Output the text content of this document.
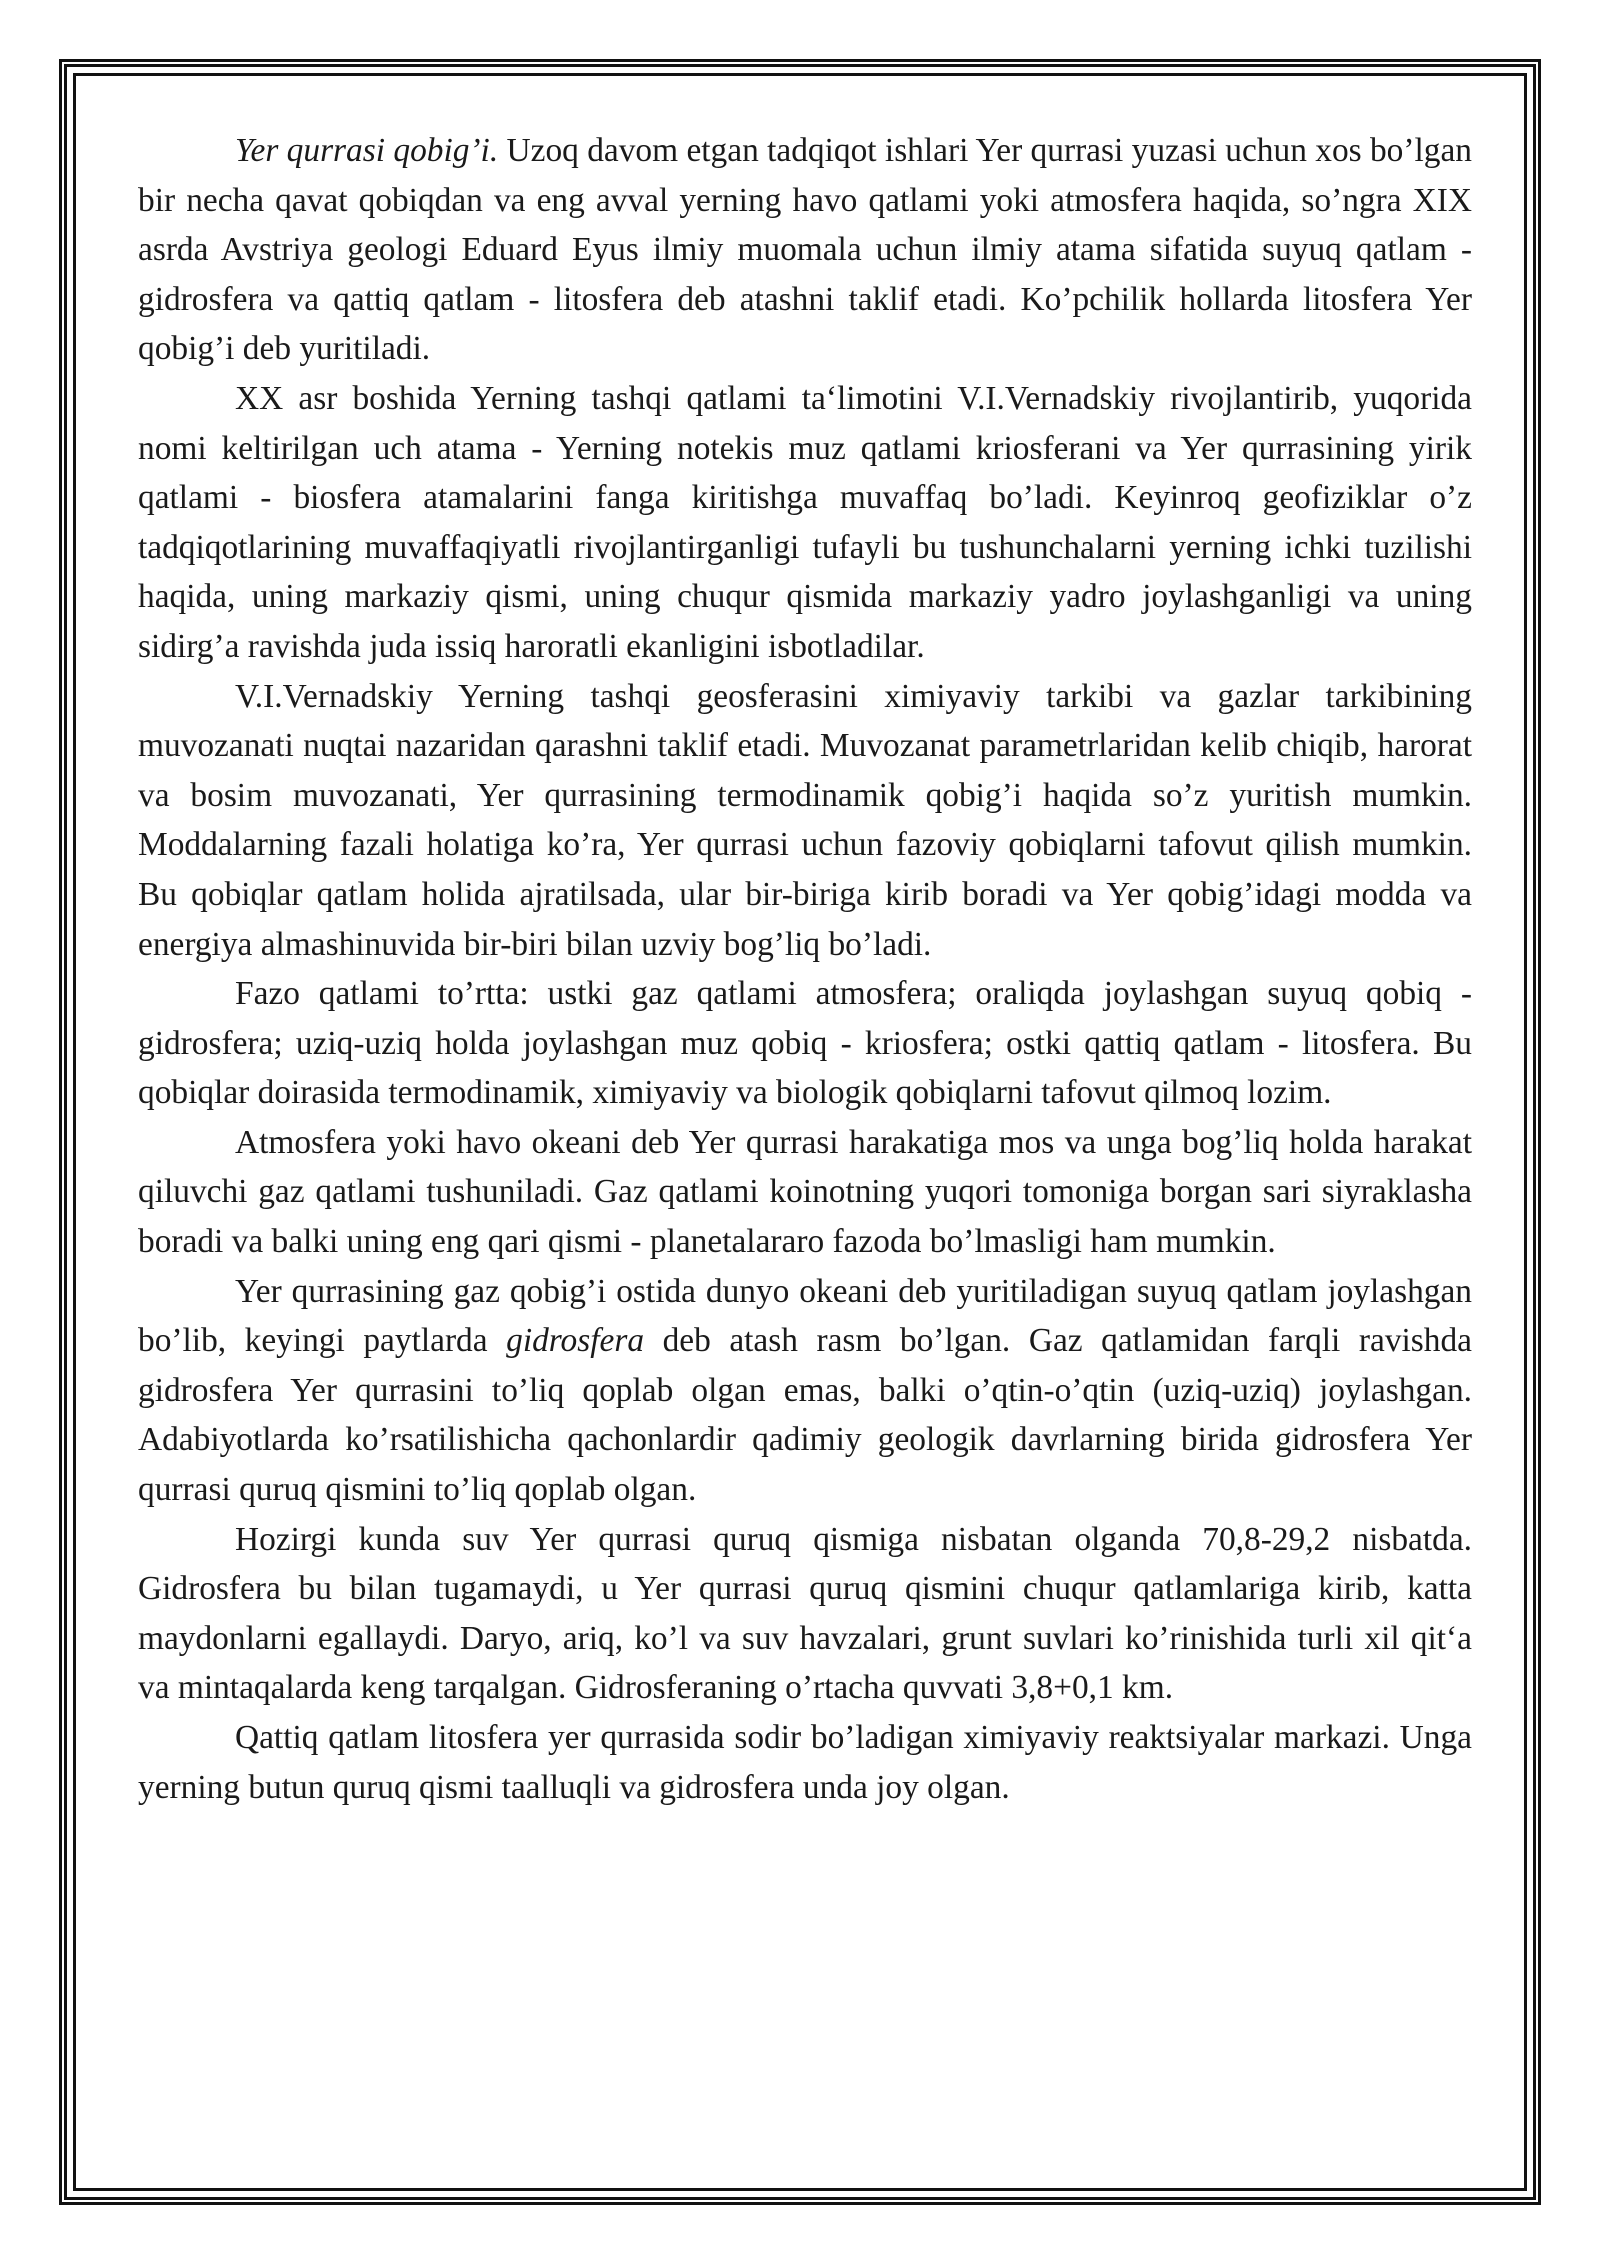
Yer qurrasi qobig’i. Uzoq davom etgan tadqiqot ishlari Yer qurrasi yuzasi uchun xos bo’lgan bir necha qavat qobiqdan va eng avval yerning havo qatlami yoki atmosfera haqida, so’ngra XIX asrda Avstriya geologi Eduard Eyus ilmiy muomala uchun ilmiy atama sifatida suyuq qatlam - gidrosfera va qattiq qatlam - litosfera deb atashni taklif etadi. Ko’pchilik hollarda litosfera Yer qobig’i deb yuritiladi.

XX asr boshida Yerning tashqi qatlami ta‘limotini V.I.Vernadskiy rivojlantirib, yuqorida nomi keltirilgan uch atama - Yerning notekis muz qatlami kriosferani va Yer qurrasining yirik qatlami - biosfera atamalarini fanga kiritishga muvaffaq bo’ladi. Keyinroq geofiziklar o’z tadqiqotlarining muvaffaqiyatli rivojlantirganligi tufayli bu tushunchalarni yerning ichki tuzilishi haqida, uning markaziy qismi, uning chuqur qismida markaziy yadro joylashganligi va uning sidirg’a ravishda juda issiq haroratli ekanligini isbotladilar.

V.I.Vernadskiy Yerning tashqi geosferasini ximiyaviy tarkibi va gazlar tarkibining muvozanati nuqtai nazaridan qarashni taklif etadi. Muvozanat parametrlaridan kelib chiqib, harorat va bosim muvozanati, Yer qurrasining termodinamik qobig’i haqida so’z yuritish mumkin. Moddalarning fazali holatiga ko’ra, Yer qurrasi uchun fazoviy qobiqlarni tafovut qilish mumkin. Bu qobiqlar qatlam holida ajratilsada, ular bir-biriga kirib boradi va Yer qobig’idagi modda va energiya almashinuvida bir-biri bilan uzviy bog’liq bo’ladi.

Fazo qatlami to’rtta: ustki gaz qatlami atmosfera; oraliqda joylashgan suyuq qobiq -gidrosfera; uziq-uziq holda joylashgan muz qobiq - kriosfera; ostki qattiq qatlam - litosfera. Bu qobiqlar doirasida termodinamik, ximiyaviy va biologik qobiqlarni tafovut qilmoq lozim.

Atmosfera yoki havo okeani deb Yer qurrasi harakatiga mos va unga bog’liq holda harakat qiluvchi gaz qatlami tushuniladi. Gaz qatlami koinotning yuqori tomoniga borgan sari siyraklasha boradi va balki uning eng qari qismi - planetalararo fazoda bo’lmasligi ham mumkin.

Yer qurrasining gaz qobig’i ostida dunyo okeani deb yuritiladigan suyuq qatlam joylashgan bo’lib, keyingi paytlarda gidrosfera deb atash rasm bo’lgan. Gaz qatlamidan farqli ravishda gidrosfera Yer qurrasini to’liq qoplab olgan emas, balki o’qtin-o’qtin (uziq-uziq) joylashgan. Adabiyotlarda ko’rsatilishicha qachonlardir qadimiy geologik davrlarning birida gidrosfera Yer qurrasi quruq qismini to’liq qoplab olgan.

Hozirgi kunda suv Yer qurrasi quruq qismiga nisbatan olganda 70,8-29,2 nisbatda. Gidrosfera bu bilan tugamaydi, u Yer qurrasi quruq qismini chuqur qatlamlariga kirib, katta maydonlarni egallaydi. Daryo, ariq, ko’l va suv havzalari, grunt suvlari ko’rinishida turli xil qit‘a va mintaqalarda keng tarqalgan. Gidrosferaning o’rtacha quvvati 3,8+0,1 km.

Qattiq qatlam litosfera yer qurrasida sodir bo’ladigan ximiyaviy reaktsiyalar markazi. Unga yerning butun quruq qismi taalluqli va gidrosfera unda joy olgan.
